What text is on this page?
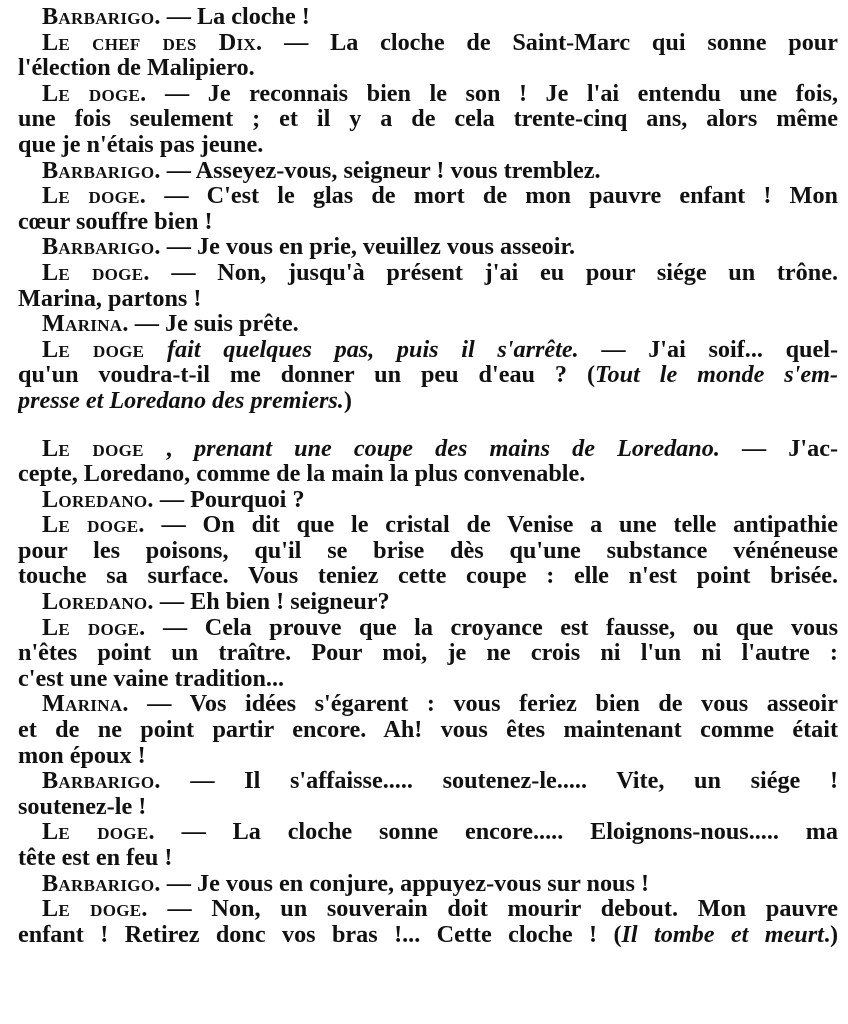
Barbarigo. — La cloche !
Le chef des Dix. — La cloche de Saint-Marc qui sonne pour
l'élection de Malipiero.
Le doge. — Je reconnais bien le son ! Je l'ai entendu une fois,
une fois seulement ; et il y a de cela trente-cinq ans, alors même
que je n'étais pas jeune.
Barbarigo. — Asseyez-vous, seigneur ! vous tremblez.
Le doge. — C'est le glas de mort de mon pauvre enfant ! Mon
cœur souffre bien !
Barbarigo. — Je vous en prie, veuillez vous asseoir.
Le doge. — Non, jusqu'à présent j'ai eu pour siége un trône.
Marina, partons !
Marina. — Je suis prête.
Le doge fait quelques pas, puis il s'arrête. — J'ai soif... quel-
qu'un voudra-t-il me donner un peu d'eau ? (Tout le monde s'em-
presse et Loredano des premiers.)
Le doge , prenant une coupe des mains de Loredano. — J'ac-
cepte, Loredano, comme de la main la plus convenable.
Loredano. — Pourquoi ?
Le doge. — On dit que le cristal de Venise a une telle antipathie
pour les poisons, qu'il se brise dès qu'une substance vénéneuse
touche sa surface. Vous teniez cette coupe : elle n'est point brisée.
Loredano. — Eh bien ! seigneur?
Le doge. — Cela prouve que la croyance est fausse, ou que vous
n'êtes point un traître. Pour moi, je ne crois ni l'un ni l'autre :
c'est une vaine tradition...
Marina. — Vos idées s'égarent : vous feriez bien de vous asseoir
et de ne point partir encore. Ah! vous êtes maintenant comme était
mon époux !
Barbarigo. — Il s'affaisse..... soutenez-le..... Vite, un siége !
soutenez-le !
Le doge. — La cloche sonne encore..... Eloignons-nous..... ma
tête est en feu !
Barbarigo. — Je vous en conjure, appuyez-vous sur nous !
Le doge. — Non, un souverain doit mourir debout. Mon pauvre
enfant ! Retirez donc vos bras !... Cette cloche ! (Il tombe et meurt.)
